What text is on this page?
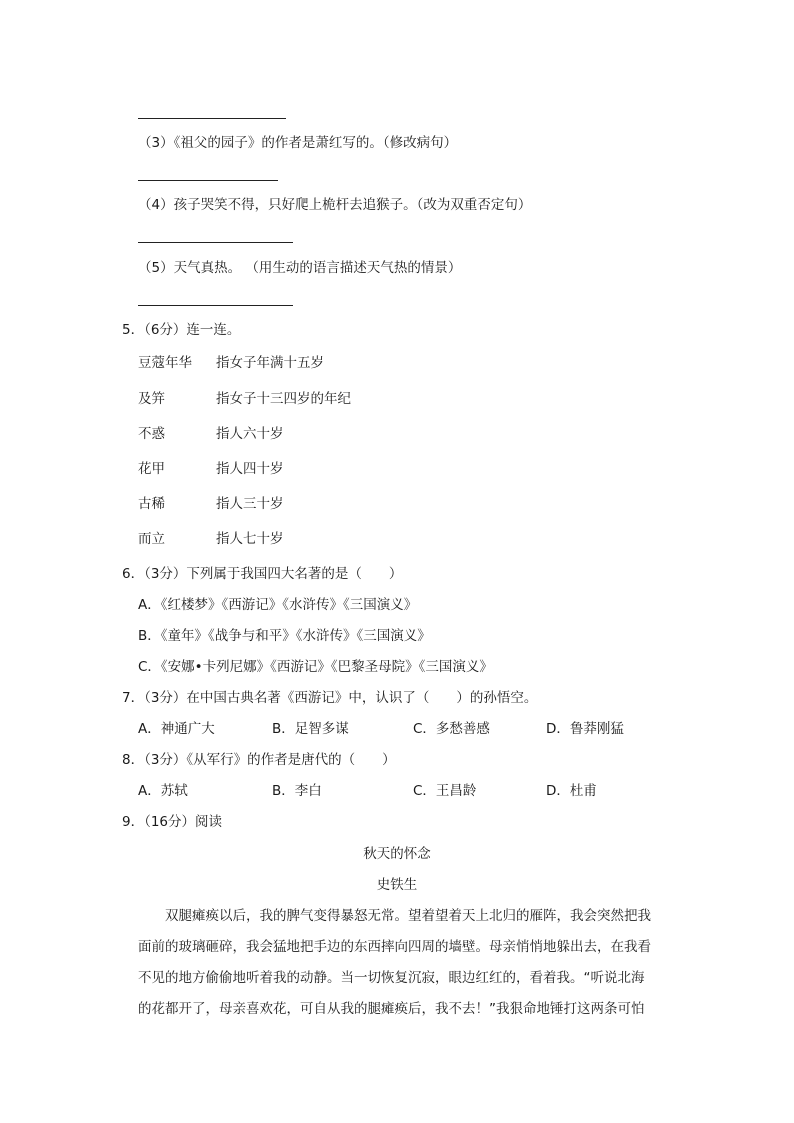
（3）《祖父的园子》的作者是萧红写的。（修改病句）
（4）孩子哭笑不得，只好爬上桅杆去追猴子。（改为双重否定句）
（5）天气真热。 （用生动的语言描述天气热的情景）
5．（6分）连一连。
豆蔻年华 指女子年满十五岁
及笄	指女子十三四岁的年纪
不惑	指人六十岁
花甲	指人四十岁
古稀	指人三十岁
而立	指人七十岁
6．（3分）下列属于我国四大名著的是（　　）
A．《红楼梦》《西游记》《水浒传》《三国演义》
B．《童年》《战争与和平》《水浒传》《三国演义》
C．《安娜•卡列尼娜》《西游记》《巴黎圣母院》《三国演义》
7．（3分）在中国古典名著《西游记》中，认识了（　　）的孙悟空。
A．神通广大	B．足智多谋	C．多愁善感	D．鲁莽刚猛
8．（3分）《从军行》的作者是唐代的（　　）
A．苏轼	B．李白	C．王昌龄	D．杜甫
9．（16分）阅读
秋天的怀念
史铁生
　　双腿瘫痪以后，我的脾气变得暴怒无常。望着望着天上北归的雁阵，我会突然把我
面前的玻璃砸碎，我会猛地把手边的东西摔向四周的墙壁。母亲悄悄地躲出去，在我看
不见的地方偷偷地听着我的动静。当一切恢复沉寂，眼边红红的，看着我。“听说北海
的花都开了，母亲喜欢花，可自从我的腿瘫痪后，我不去！”我狠命地锤打这两条可怕
